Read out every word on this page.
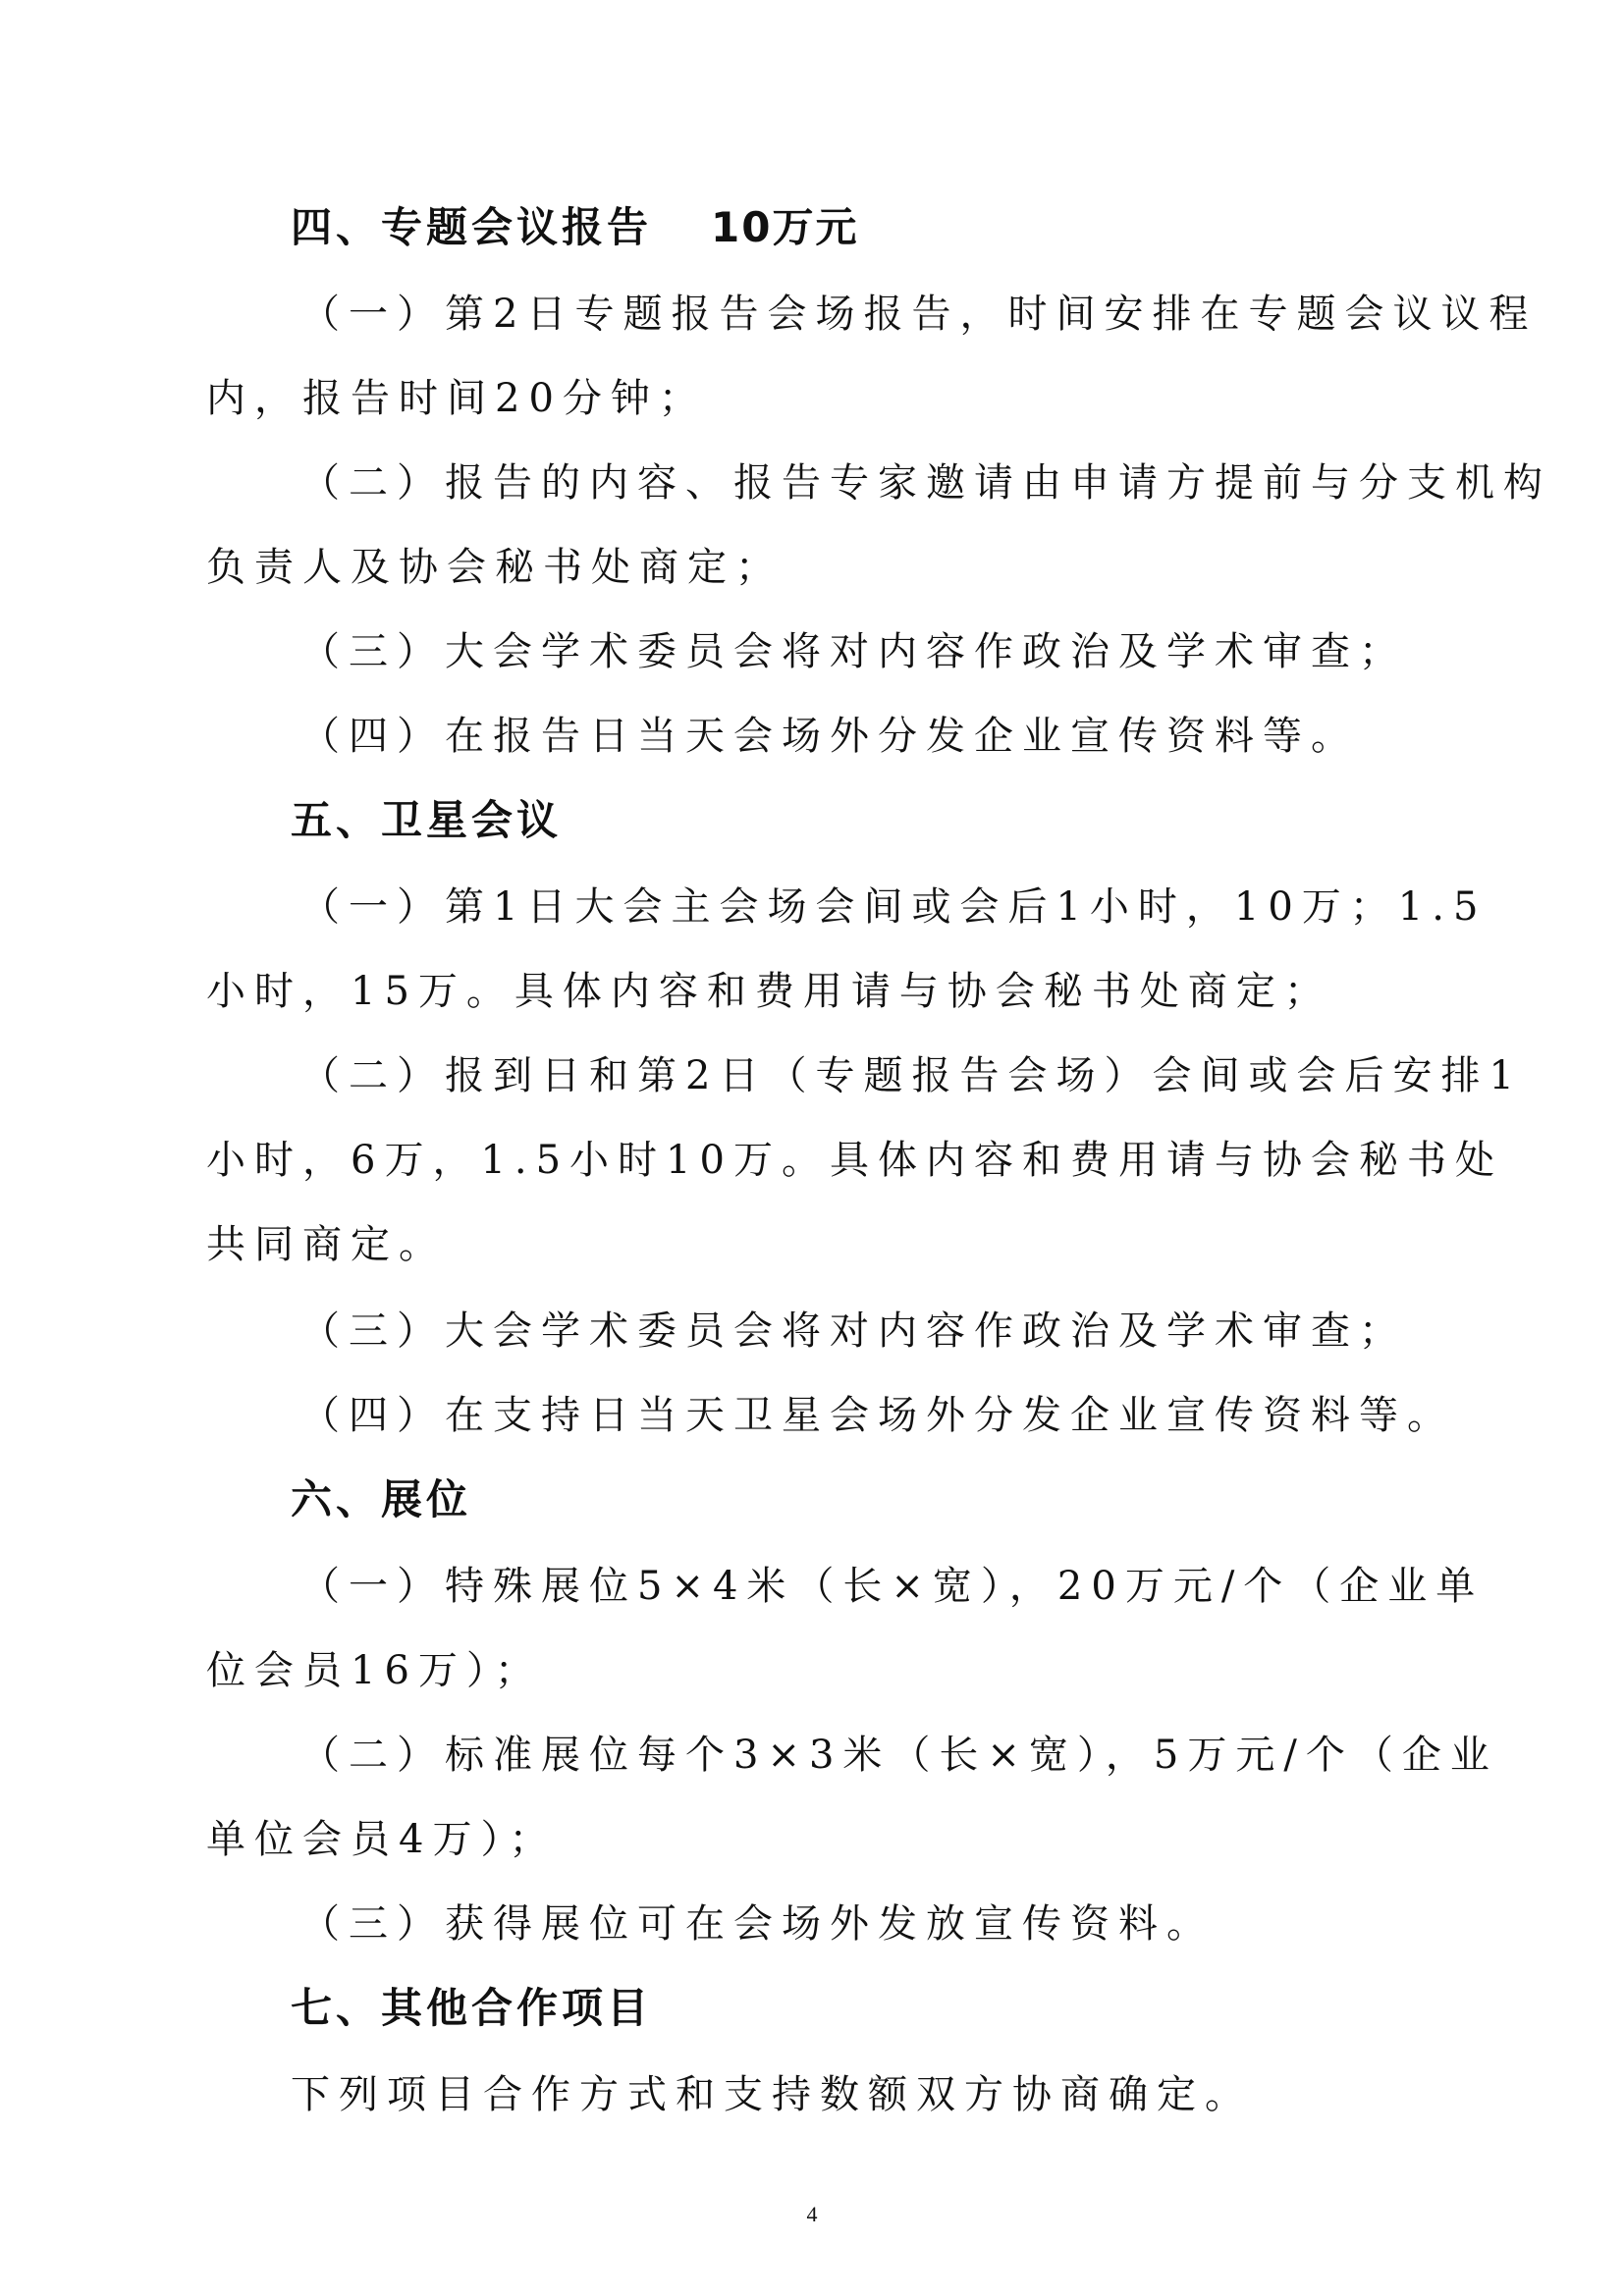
四、专题会议报告 10万元
（一）第2日专题报告会场报告，时间安排在专题会议议程
内，报告时间20分钟；
（二）报告的内容、报告专家邀请由申请方提前与分支机构
负责人及协会秘书处商定；
（三）大会学术委员会将对内容作政治及学术审查；
（四）在报告日当天会场外分发企业宣传资料等。
五、卫星会议
（一）第1日大会主会场会间或会后1小时，10万；1.5
小时，15万。具体内容和费用请与协会秘书处商定；
（二）报到日和第2日（专题报告会场）会间或会后安排1
小时，6万，1.5小时10万。具体内容和费用请与协会秘书处
共同商定。
（三）大会学术委员会将对内容作政治及学术审查；
（四）在支持日当天卫星会场外分发企业宣传资料等。
六、展位
（一）特殊展位5×4米（长×宽），20万元/个（企业单
位会员16万）；
（二）标准展位每个3×3米（长×宽），5万元/个（企业
单位会员4万）；
（三）获得展位可在会场外发放宣传资料。
七、其他合作项目
下列项目合作方式和支持数额双方协商确定。
4
